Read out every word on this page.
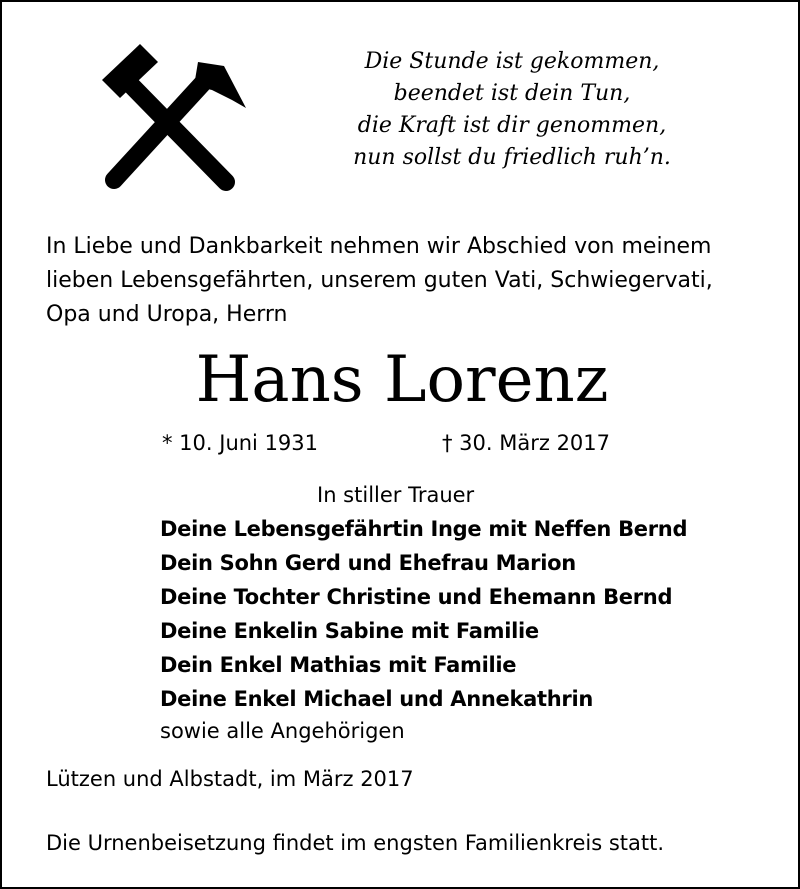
Die Stunde ist gekommen,
beendet ist dein Tun,
die Kraft ist dir genommen,
nun sollst du friedlich ruh’n.
In Liebe und Dankbarkeit nehmen wir Abschied von meinem
lieben Lebensgefährten, unserem guten Vati, Schwiegervati,
Opa und Uropa, Herrn
Hans Lorenz
* 10. Juni 1931	† 30. März 2017
In stiller Trauer
Deine Lebensgefährtin Inge mit Neffen Bernd
Dein Sohn Gerd und Ehefrau Marion
Deine Tochter Christine und Ehemann Bernd
Deine Enkelin Sabine mit Familie
Dein Enkel Mathias mit Familie
Deine Enkel Michael und Annekathrin
sowie alle Angehörigen
Lützen und Albstadt, im März 2017
Die Urnenbeisetzung findet im engsten Familienkreis statt.
